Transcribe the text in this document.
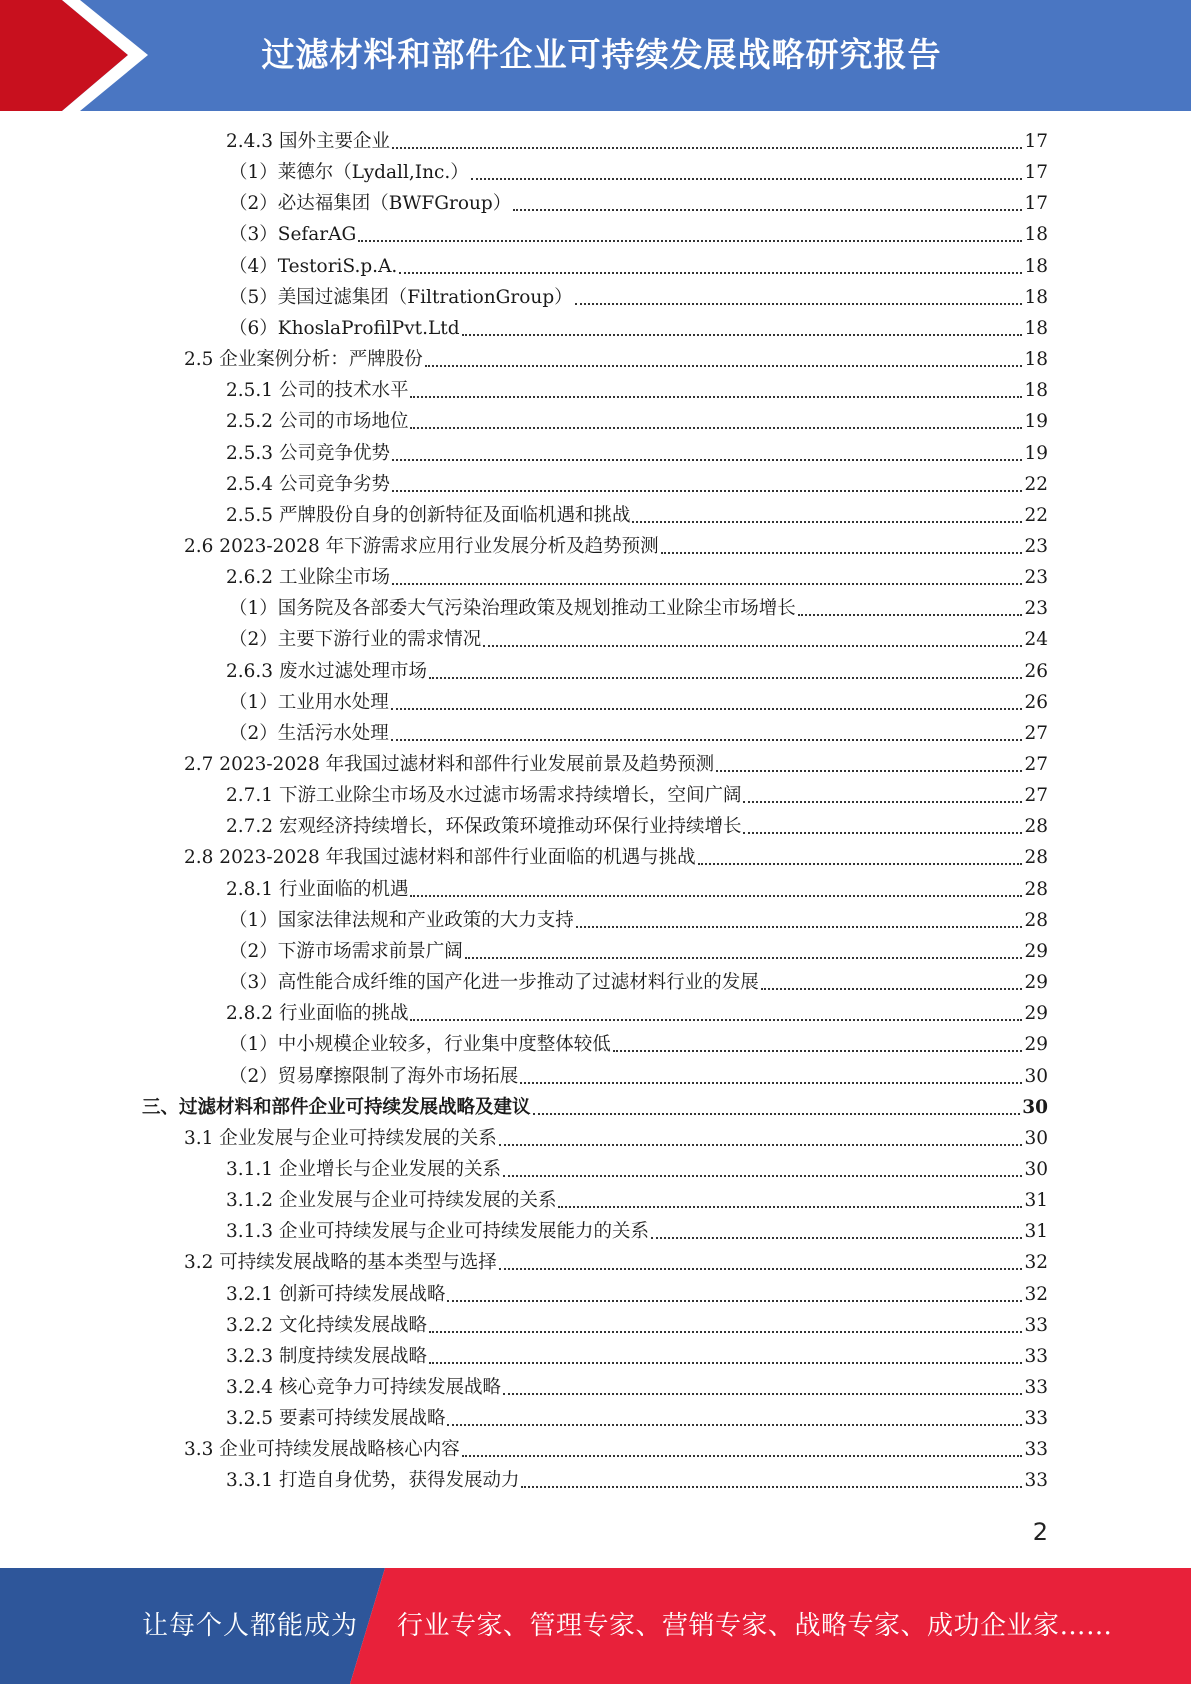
过滤材料和部件企业可持续发展战略研究报告
2.4.3 国外主要企业	17
（1）莱德尔（Lydall,Inc.）	17
（2）必达福集团（BWFGroup）	17
（3）SefarAG	18
（4）TestoriS.p.A.	18
（5）美国过滤集团（FiltrationGroup）	18
（6）KhoslaProfilPvt.Ltd	18
2.5 企业案例分析：严牌股份	18
2.5.1 公司的技术水平	18
2.5.2 公司的市场地位	19
2.5.3 公司竞争优势	19
2.5.4 公司竞争劣势	22
2.5.5 严牌股份自身的创新特征及面临机遇和挑战	22
2.6 2023-2028 年下游需求应用行业发展分析及趋势预测	23
2.6.2 工业除尘市场	23
（1）国务院及各部委大气污染治理政策及规划推动工业除尘市场增长	23
（2）主要下游行业的需求情况	24
2.6.3 废水过滤处理市场	26
（1）工业用水处理	26
（2）生活污水处理	27
2.7 2023-2028 年我国过滤材料和部件行业发展前景及趋势预测	27
2.7.1 下游工业除尘市场及水过滤市场需求持续增长，空间广阔	27
2.7.2 宏观经济持续增长，环保政策环境推动环保行业持续增长	28
2.8 2023-2028 年我国过滤材料和部件行业面临的机遇与挑战	28
2.8.1 行业面临的机遇	28
（1）国家法律法规和产业政策的大力支持	28
（2）下游市场需求前景广阔	29
（3）高性能合成纤维的国产化进一步推动了过滤材料行业的发展	29
2.8.2 行业面临的挑战	29
（1）中小规模企业较多，行业集中度整体较低	29
（2）贸易摩擦限制了海外市场拓展	30
三、过滤材料和部件企业可持续发展战略及建议	30
3.1 企业发展与企业可持续发展的关系	30
3.1.1 企业增长与企业发展的关系	30
3.1.2 企业发展与企业可持续发展的关系	31
3.1.3 企业可持续发展与企业可持续发展能力的关系	31
3.2 可持续发展战略的基本类型与选择	32
3.2.1 创新可持续发展战略	32
3.2.2 文化持续发展战略	33
3.2.3 制度持续发展战略	33
3.2.4 核心竞争力可持续发展战略	33
3.2.5 要素可持续发展战略	33
3.3 企业可持续发展战略核心内容	33
3.3.1 打造自身优势，获得发展动力	33
2
让每个人都能成为 行业专家、管理专家、营销专家、战略专家、成功企业家……
